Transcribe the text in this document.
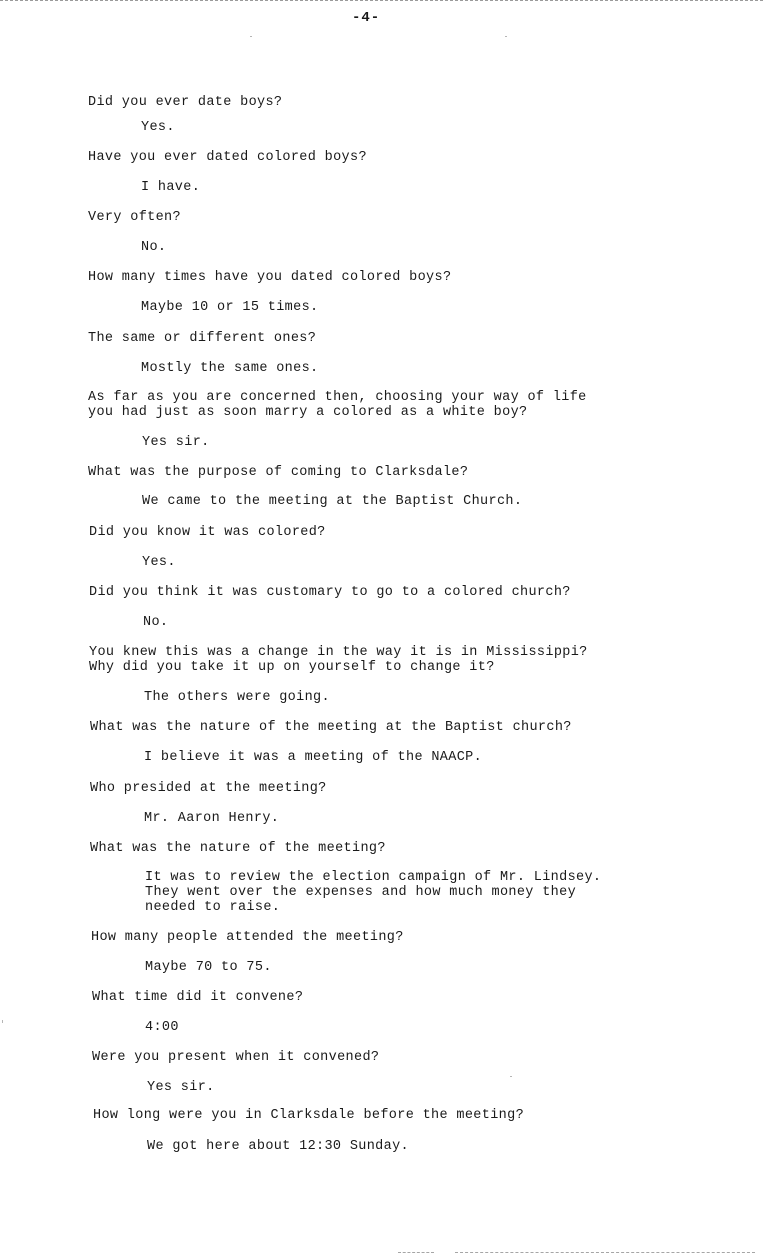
-4-

Did you ever date boys?

Yes.

Have you ever dated colored boys?

I have.

Very often?

No.

How many times have you dated colored boys?

Maybe 10 or 15 times.

The same or different ones?

Mostly the same ones.

As far as you are concerned then, choosing your way of life
you had just as soon marry a colored as a white boy?

Yes sir.

What was the purpose of coming to Clarksdale?

We came to the meeting at the Baptist Church.

Did you know it was colored?

Yes.

Did you think it was customary to go to a colored church?

No.

You knew this was a change in the way it is in Mississippi?
Why did you take it up on yourself to change it?

The others were going.

What was the nature of the meeting at the Baptist church?

I believe it was a meeting of the NAACP.

Who presided at the meeting?

Mr. Aaron Henry.

What was the nature of the meeting?

It was to review the election campaign of Mr. Lindsey.
They went over the expenses and how much money they
needed to raise.

How many people attended the meeting?

Maybe 70 to 75.

What time did it convene?

4:00

Were you present when it convened?

Yes sir.

How long were you in Clarksdale before the meeting?

We got here about 12:30 Sunday.
